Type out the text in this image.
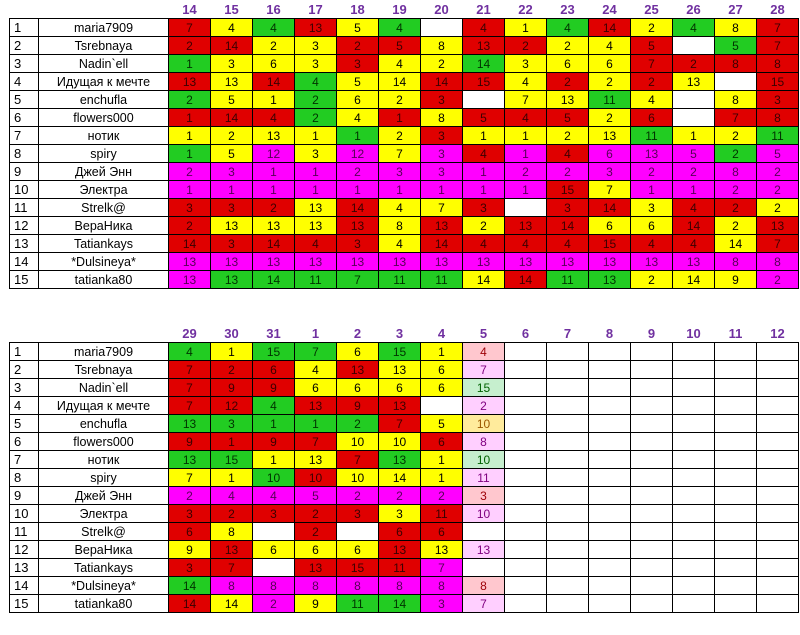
		14	15	16	17	18	19	20	21	22	23	24	25	26	27	28
1	maria7909	7	4	4	13	5	4		4	1	4	14	2	4	8	7
2	Tsrebnaya	2	14	2	3	2	5	8	13	2	2	4	5		5	7
3	Nadin`ell	1	3	6	3	3	4	2	14	3	6	6	7	2	8	8
4	Идущая к мечте	13	13	14	4	5	14	14	15	4	2	2	2	13		15
5	enchufla	2	5	1	2	6	2	3		7	13	11	4		8	3
6	flowers000	1	14	4	2	4	1	8	5	4	5	2	6		7	8
7	нотик	1	2	13	1	1	2	3	1	1	2	13	11	1	2	11
8	spiry	1	5	12	3	12	7	3	4	1	4	6	13	5	2	5
9	Джей Энн	2	3	1	1	2	3	3	1	2	2	3	2	2	8	2
10	Электра	1	1	1	1	1	1	1	1	1	15	7	1	1	2	2
11	Strelk@	3	3	2	13	14	4	7	3		3	14	3	4	2	2
12	ВераНика	2	13	13	13	13	8	13	2	13	14	6	6	14	2	13
13	Tatiankays	14	3	14	4	3	4	14	4	4	4	15	4	4	14	7
14	*Dulsineya*	13	13	13	13	13	13	13	13	13	13	13	13	13	8	8
15	tatianka80	13	13	14	11	7	11	11	14	14	11	13	2	14	9	2
		29	30	31	1	2	3	4	5	6	7	8	9	10	11	12
1	maria7909	4	1	15	7	6	15	1	4							
2	Tsrebnaya	7	2	6	4	13	13	6	7							
3	Nadin`ell	7	9	9	6	6	6	6	15							
4	Идущая к мечте	7	12	4	13	9	13		2							
5	enchufla	13	3	1	1	2	7	5	10							
6	flowers000	9	1	9	7	10	10	6	8							
7	нотик	13	15	1	13	7	13	1	10							
8	spiry	7	1	10	10	10	14	1	11							
9	Джей Энн	2	4	4	5	2	2	2	3							
10	Электра	3	2	3	2	3	3	11	10							
11	Strelk@	6	8		2		6	6								
12	ВераНика	9	13	6	6	6	13	13	13							
13	Tatiankays	3	7		13	15	11	7								
14	*Dulsineya*	14	8	8	8	8	8	8	8							
15	tatianka80	14	14	2	9	11	14	3	7							
